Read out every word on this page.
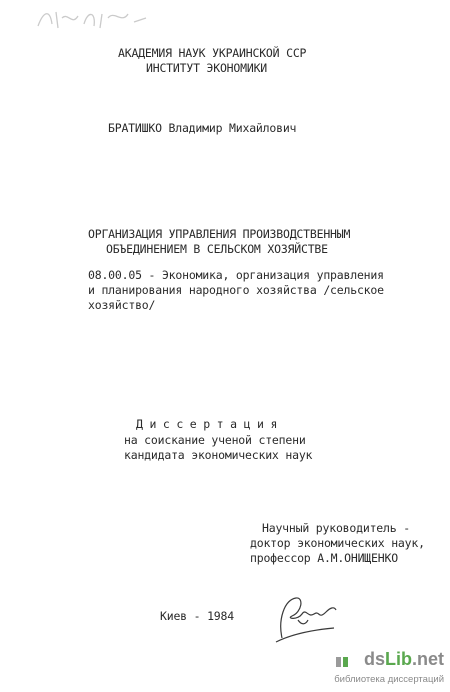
АКАДЕМИЯ НАУК УКРАИНСКОЙ ССР
ИНСТИТУТ ЭКОНОМИКИ
БРАТИШКО Владимир Михайлович
ОРГАНИЗАЦИЯ УПРАВЛЕНИЯ ПРОИЗВОДСТВЕННЫМ
ОБЪЕДИНЕНИЕМ В СЕЛЬСКОМ ХОЗЯЙСТВЕ
08.00.05 - Экономика, организация управления
и планирования народного хозяйства /сельское
хозяйство/
Д и с с е р т а ц и я
на соискание ученой степени
кандидата экономических наук
Научный руководитель -
доктор экономических наук,
профессор А.М.ОНИЩЕНКО
Киев - 1984
dsLib.net
библиотека диссертаций
